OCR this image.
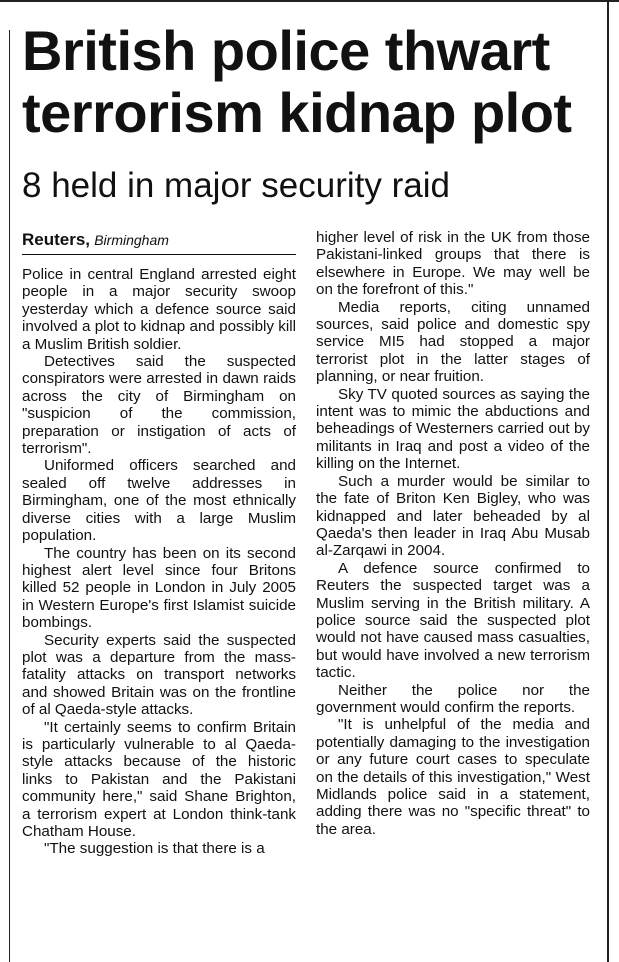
British police thwart
terrorism kidnap plot
8 held in major security raid
Reuters, Birmingham

Police in central England arrested eight people in a major security swoop yesterday which a defence source said involved a plot to kidnap and possibly kill a Muslim British soldier.

Detectives said the suspected conspirators were arrested in dawn raids across the city of Birmingham on "suspicion of the commission, preparation or instigation of acts of terrorism".

Uniformed officers searched and sealed off twelve addresses in Birmingham, one of the most ethnically diverse cities with a large Muslim population.

The country has been on its second highest alert level since four Britons killed 52 people in London in July 2005 in Western Europe's first Islamist suicide bombings.

Security experts said the suspected plot was a departure from the mass-fatality attacks on transport networks and showed Britain was on the frontline of al Qaeda-style attacks.

"It certainly seems to confirm Britain is particularly vulnerable to al Qaeda-style attacks because of the historic links to Pakistan and the Pakistani community here," said Shane Brighton, a terrorism expert at London think-tank Chatham House.

"The suggestion is that there is a

higher level of risk in the UK from those Pakistani-linked groups that there is elsewhere in Europe. We may well be on the forefront of this."

Media reports, citing unnamed sources, said police and domestic spy service MI5 had stopped a major terrorist plot in the latter stages of planning, or near fruition.

Sky TV quoted sources as saying the intent was to mimic the abductions and beheadings of Westerners carried out by militants in Iraq and post a video of the killing on the Internet.

Such a murder would be similar to the fate of Briton Ken Bigley, who was kidnapped and later beheaded by al Qaeda's then leader in Iraq Abu Musab al-Zarqawi in 2004.

A defence source confirmed to Reuters the suspected target was a Muslim serving in the British military. A police source said the suspected plot would not have caused mass casualties, but would have involved a new terrorism tactic.

Neither the police nor the government would confirm the reports.

"It is unhelpful of the media and potentially damaging to the investigation or any future court cases to speculate on the details of this investigation," West Midlands police said in a statement, adding there was no "specific threat" to the area.
